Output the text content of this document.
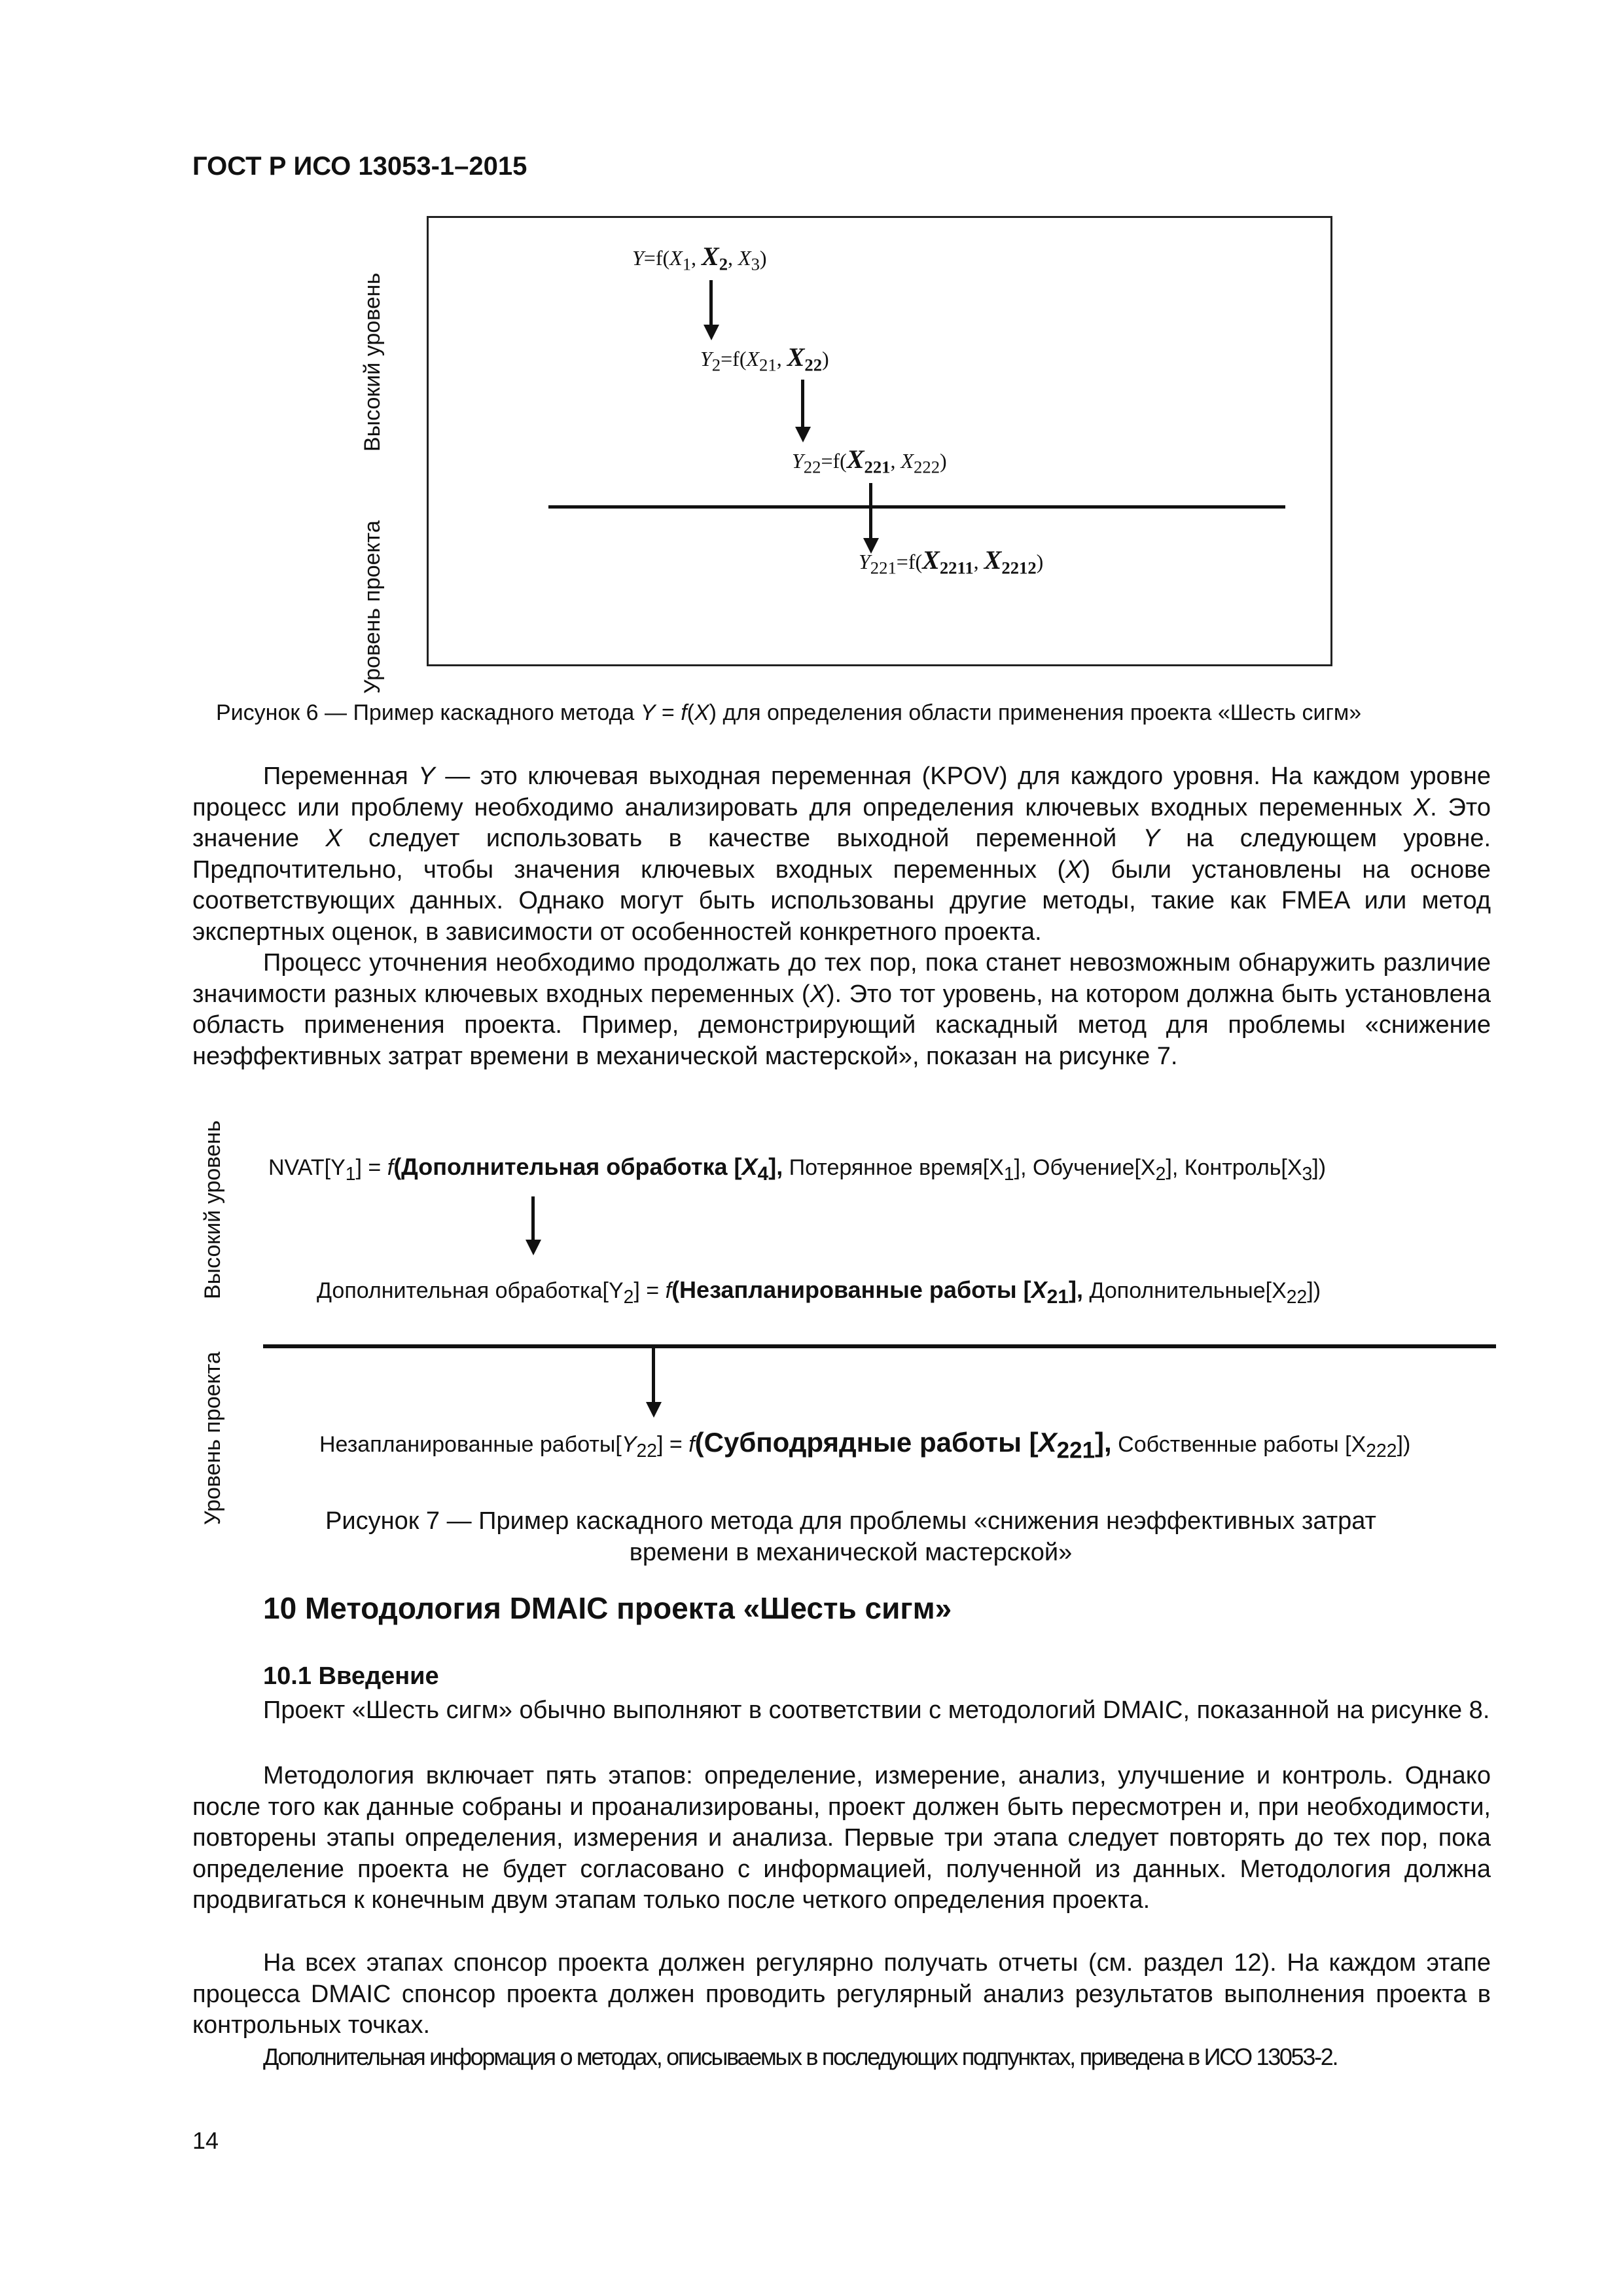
ГОСТ Р ИСО 13053-1–2015
Высокий уровень
Уровень проекта
$Y=f(X_1$, $X_2$, $X_3$)
$Y_2=f(X_{21}$, $X_{22}$)
$Y_{22}=f(X_{221}$, $X_{222}$)
$Y_{221}=f(X_{2211}$, $X_{2212}$)
Рисунок 6 — Пример каскадного метода Y = f(X) для определения области применения проекта «Шесть сигм»

Переменная Y — это ключевая выходная переменная (KPOV) для каждого уровня. На каждом уровне процесс или проблему необходимо анализировать для определения ключевых входных переменных X. Это значение X следует использовать в качестве выходной переменной Y на следующем уровне. Предпочтительно, чтобы значения ключевых входных переменных (X) были установлены на основе соответствующих данных. Однако могут быть использованы другие методы, такие как FMEA или метод экспертных оценок, в зависимости от особенностей конкретного проекта.

Процесс уточнения необходимо продолжать до тех пор, пока станет невозможным обнаружить различие значимости разных ключевых входных переменных (X). Это тот уровень, на котором должна быть установлена область применения проекта. Пример, демонстрирующий каскадный метод для проблемы «снижение неэффективных затрат времени в механической мастерской», показан на рисунке 7.

Высокий уровень
Уровень проекта
$NVAT[Y_1]$ = f(Дополнительная обработка $[X_4]$, Потерянное $время[X_1]$, $Обучение[X_2]$, $Контроль[X_3]$)
Дополнительная $обработка[Y_2]$ = f(Незапланированные работы $[X_{21}]$, $Дополнительные[X_{22}]$)
Незапланированные $работы[Y_{22}]$ = f(Субподрядные работы $[X_{221}]$, Собственные работы $[X_{222}]$)
Рисунок 7 — Пример каскадного метода для проблемы «снижения неэффективных затрат
времени в механической мастерской»
10 Методология DMAIC проекта «Шесть сигм»
10.1 Введение

Проект «Шесть сигм» обычно выполняют в соответствии с методологий DMAIC, показанной на рисунке 8.

Методология включает пять этапов: определение, измерение, анализ, улучшение и контроль. Однако после того как данные собраны и проанализированы, проект должен быть пересмотрен и, при необходимости, повторены этапы определения, измерения и анализа. Первые три этапа следует повторять до тех пор, пока определение проекта не будет согласовано с информацией, полученной из данных. Методология должна продвигаться к конечным двум этапам только после четкого определения проекта.

На всех этапах спонсор проекта должен регулярно получать отчеты (см. раздел 12). На каждом этапе процесса DMAIC спонсор проекта должен проводить регулярный анализ результатов выполнения проекта в контрольных точках.

Дополнительная информация о методах, описываемых в последующих подпунктах, приведена в ИСО 13053-2.
14
